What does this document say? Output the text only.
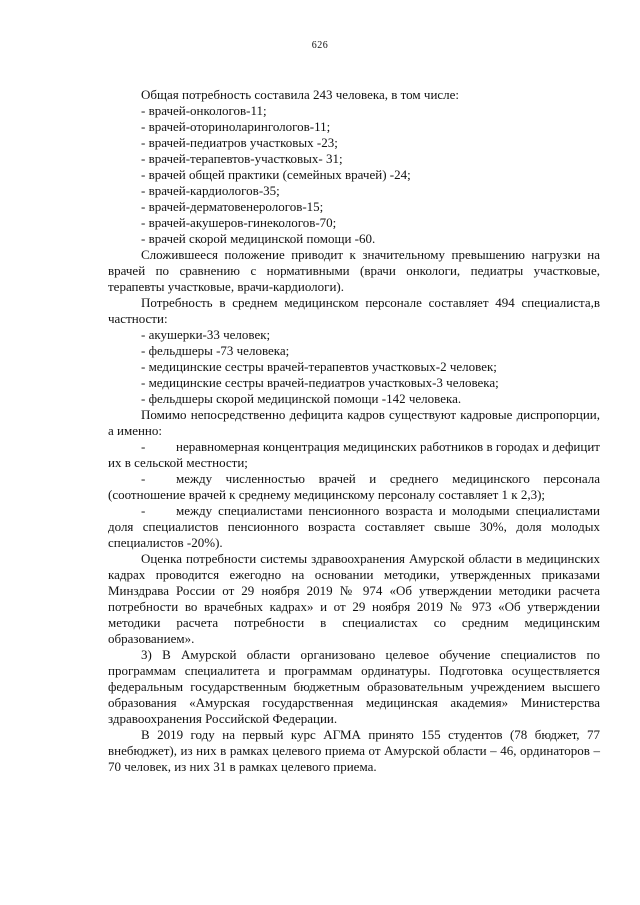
626

Общая потребность составила 243 человека, в том числе:

- врачей-онкологов-11;

- врачей-оториноларингологов-11;

- врачей-педиатров участковых -23;

- врачей-терапевтов-участковых- 31;

- врачей общей практики (семейных врачей) -24;

- врачей-кардиологов-35;

- врачей-дерматовенерологов-15;

- врачей-акушеров-гинекологов-70;

- врачей скорой медицинской помощи -60.

Сложившееся положение приводит к значительному превышению нагрузки на врачей по сравнению с нормативными (врачи онкологи, педиатры участковые, терапевты участковые, врачи-кардиологи).

Потребность в среднем медицинском персонале составляет 494 специалиста,в частности:

- акушерки-33 человек;

- фельдшеры -73 человека;

- медицинские сестры врачей-терапевтов участковых-2 человек;

- медицинские сестры врачей-педиатров участковых-3 человека;

- фельдшеры скорой медицинской помощи -142 человека.

Помимо непосредственно дефицита кадров существуют кадровые диспропорции, а именно:

- неравномерная концентрация медицинских работников в городах и дефицит их в сельской местности;

- между численностью врачей и среднего медицинского персонала (соотношение врачей к среднему медицинскому персоналу составляет 1 к 2,3);

- между специалистами пенсионного возраста и молодыми специалистами доля специалистов пенсионного возраста составляет свыше 30%, доля молодых специалистов -20%).

Оценка потребности системы здравоохранения Амурской области в медицинских кадрах проводится ежегодно на основании методики, утвержденных приказами Минздрава России от 29 ноября 2019 № 974 «Об утверждении методики расчета потребности во врачебных кадрах» и от 29 ноября 2019 № 973 «Об утверждении методики расчета потребности в специалистах со средним медицинским образованием».

3) В Амурской области организовано целевое обучение специалистов по программам специалитета и программам ординатуры. Подготовка осуществляется федеральным государственным бюджетным образовательным учреждением высшего образования «Амурская государственная медицинская академия» Министерства здравоохранения Российской Федерации.

В 2019 году на первый курс АГМА принято 155 студентов (78 бюджет, 77 внебюджет), из них в рамках целевого приема от Амурской области – 46, ординаторов – 70 человек, из них 31 в рамках целевого приема.
